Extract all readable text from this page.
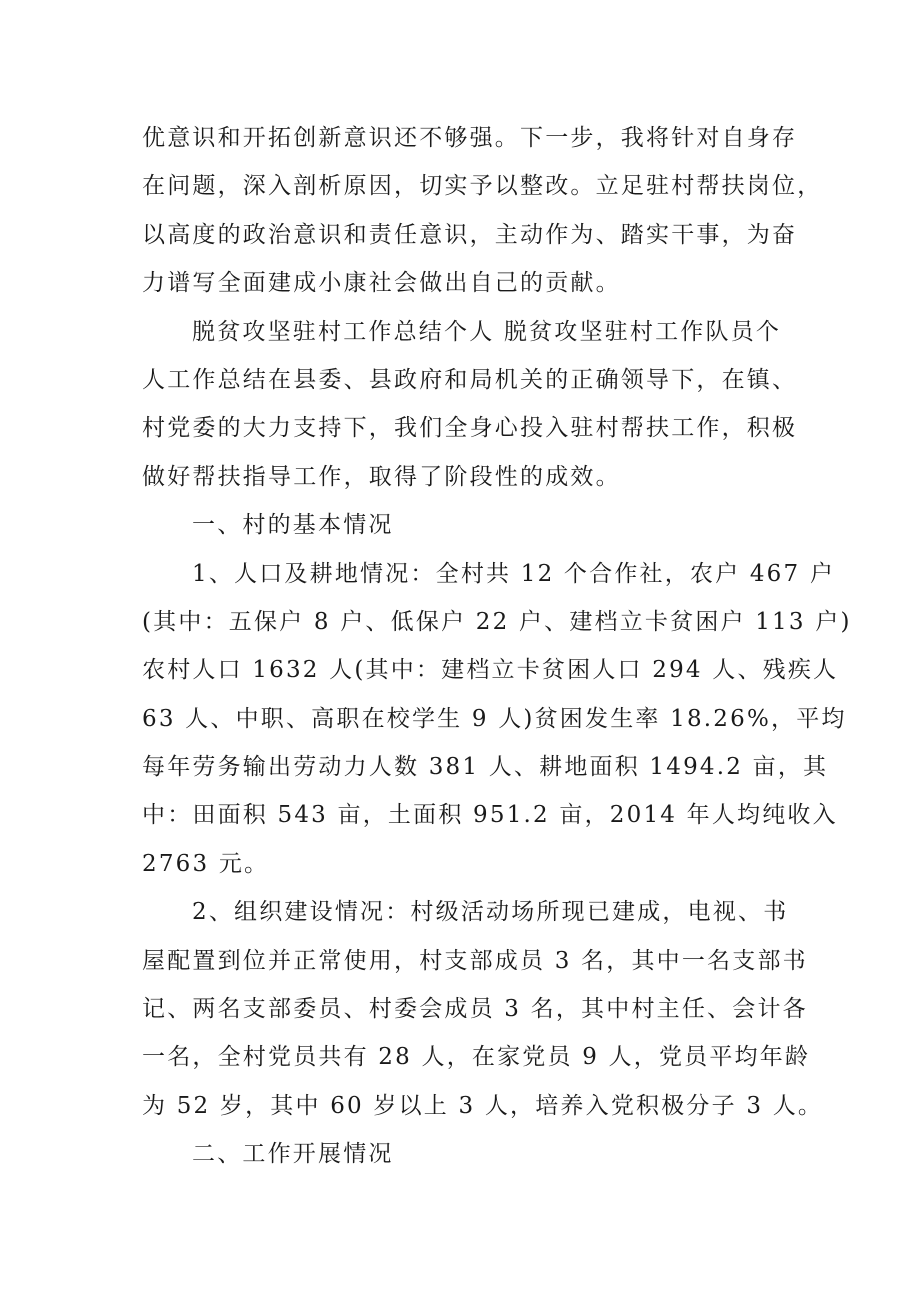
优意识和开拓创新意识还不够强。下一步，我将针对自身存
在问题，深入剖析原因，切实予以整改。立足驻村帮扶岗位，
以高度的政治意识和责任意识，主动作为、踏实干事，为奋
力谱写全面建成小康社会做出自己的贡献。
脱贫攻坚驻村工作总结个人 脱贫攻坚驻村工作队员个
人工作总结在县委、县政府和局机关的正确领导下，在镇、
村党委的大力支持下，我们全身心投入驻村帮扶工作，积极
做好帮扶指导工作，取得了阶段性的成效。
一、村的基本情况
1、人口及耕地情况：全村共 12 个合作社，农户 467 户
(其中：五保户 8 户、低保户 22 户、建档立卡贫困户 113 户)
农村人口 1632 人(其中：建档立卡贫困人口 294 人、残疾人
63 人、中职、高职在校学生 9 人)贫困发生率 18.26%，平均
每年劳务输出劳动力人数 381 人、耕地面积 1494.2 亩，其
中：田面积 543 亩，土面积 951.2 亩，2014 年人均纯收入
2763 元。
2、组织建设情况：村级活动场所现已建成，电视、书
屋配置到位并正常使用，村支部成员 3 名，其中一名支部书
记、两名支部委员、村委会成员 3 名，其中村主任、会计各
一名，全村党员共有 28 人，在家党员 9 人，党员平均年龄
为 52 岁，其中 60 岁以上 3 人，培养入党积极分子 3 人。
二、工作开展情况
